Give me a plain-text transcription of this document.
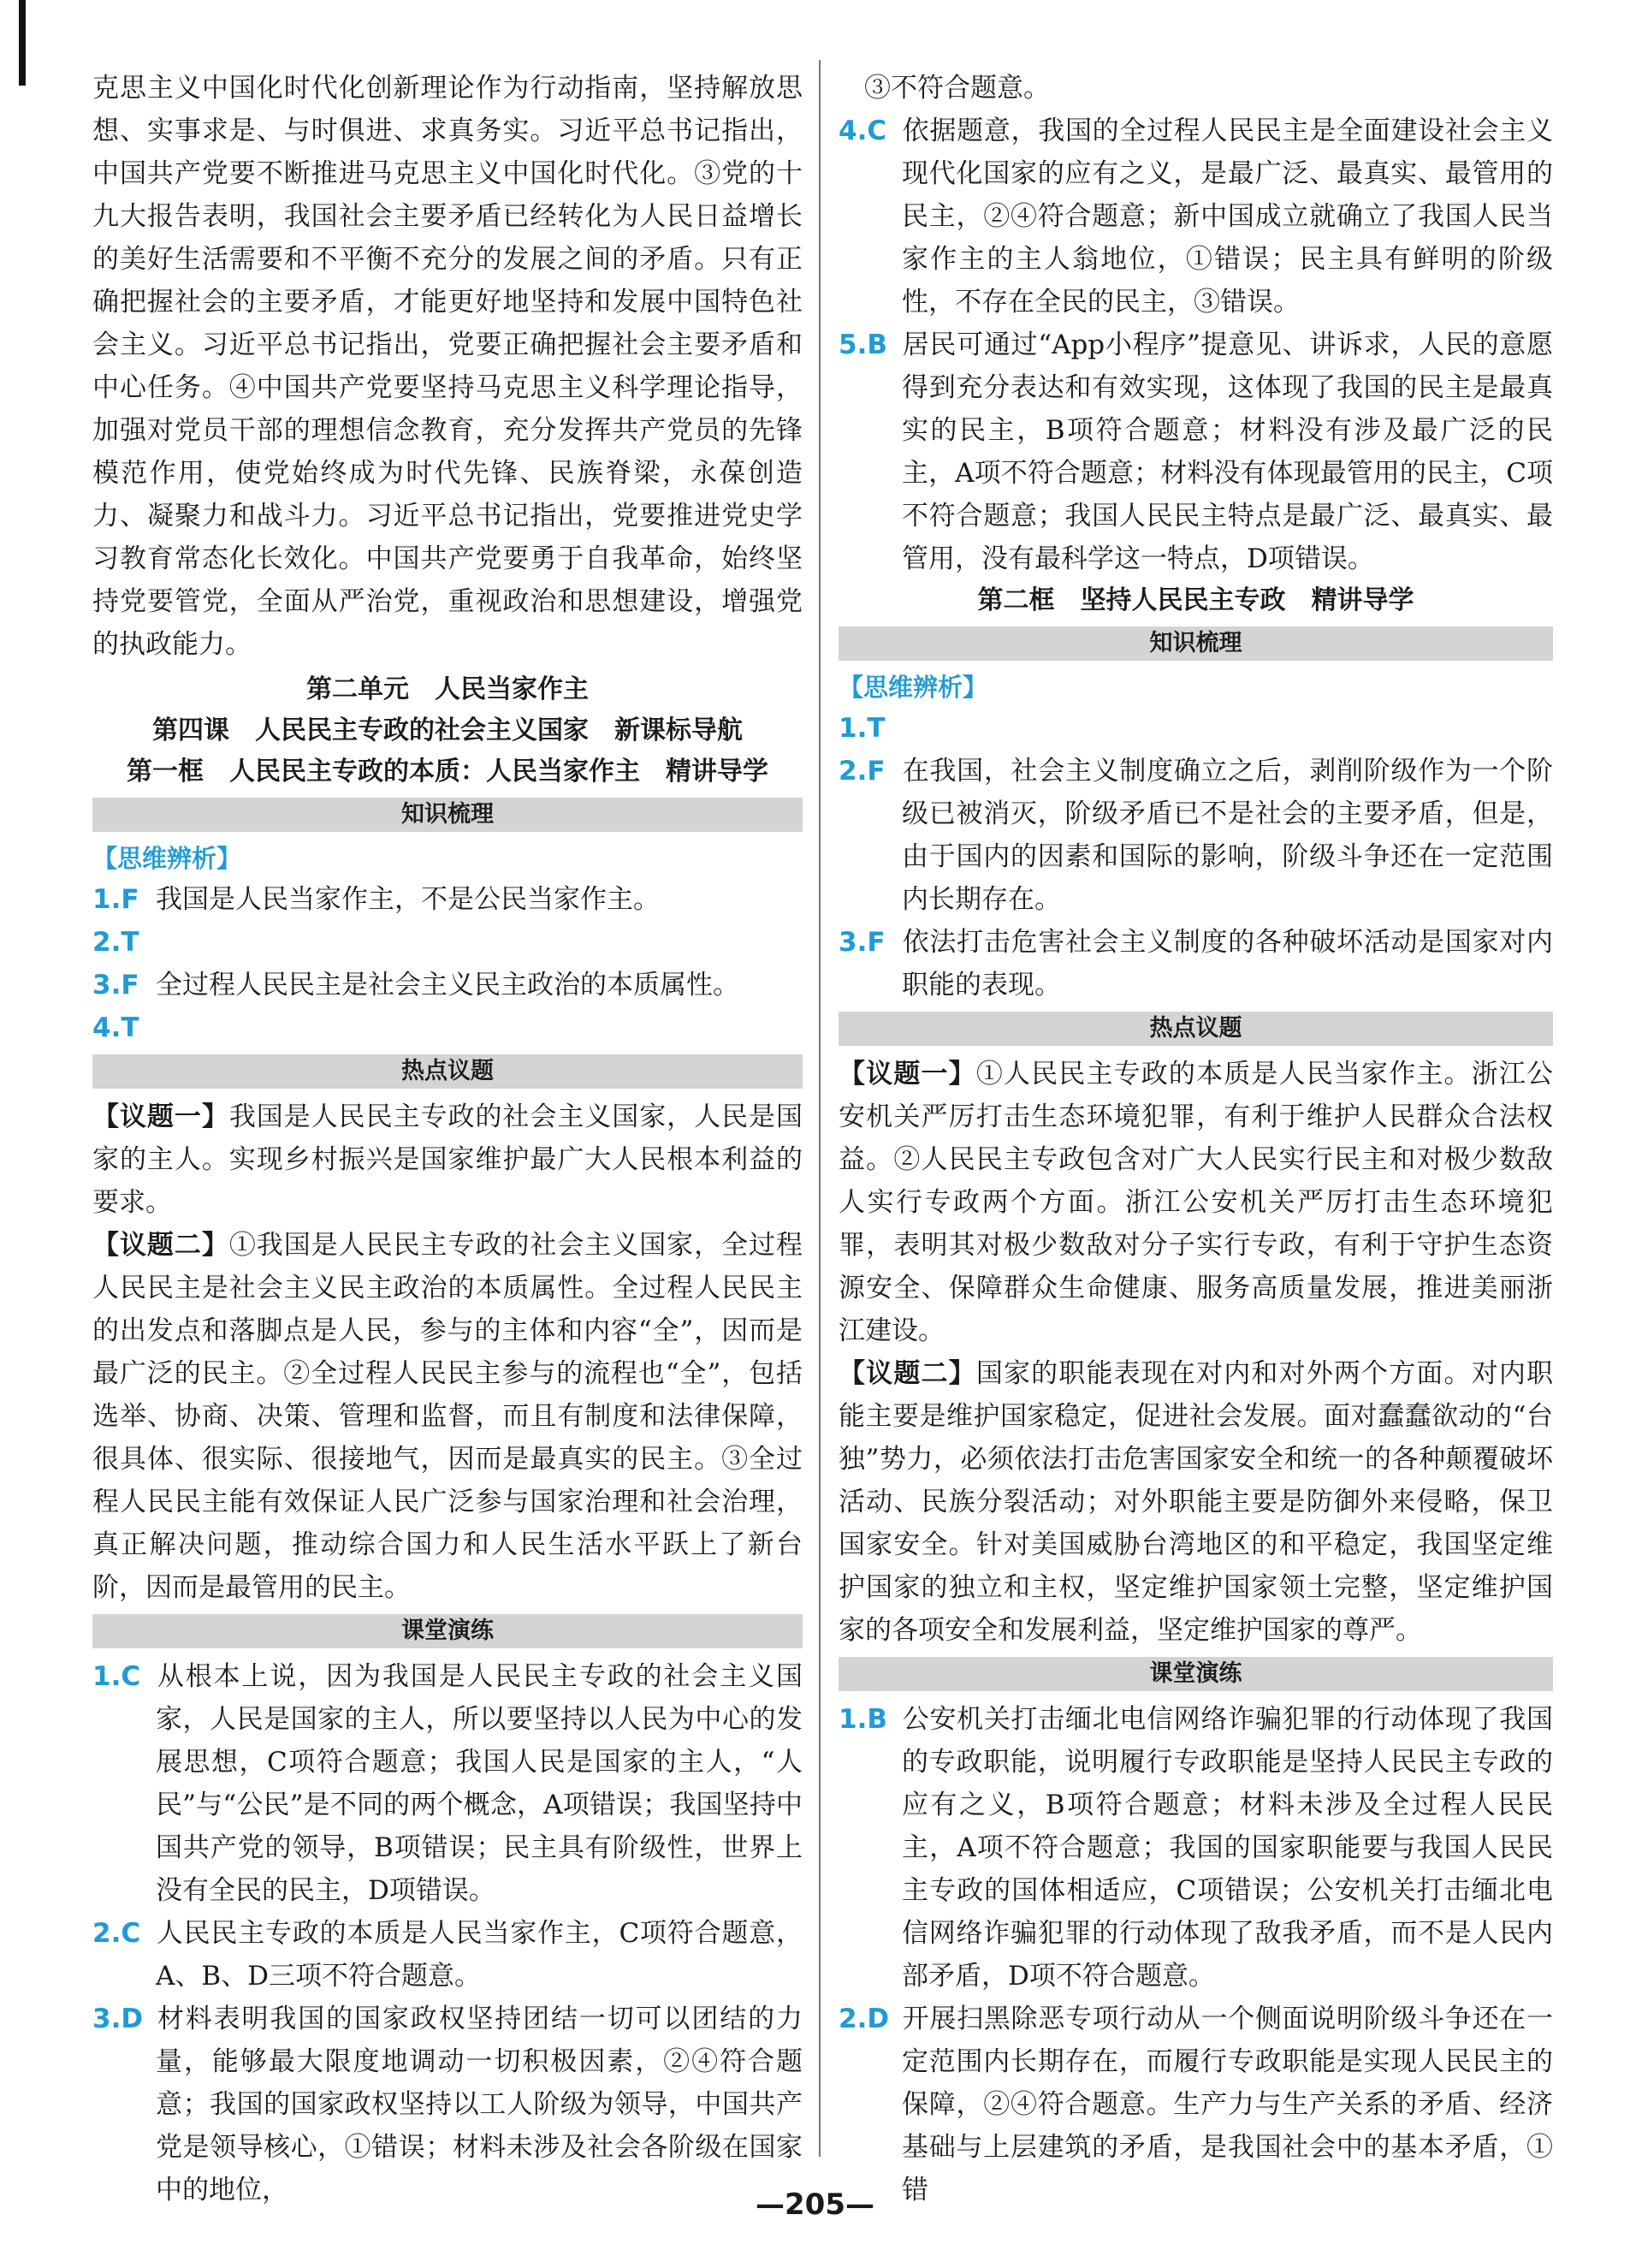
克思主义中国化时代化创新理论作为行动指南，坚持解放思想、实事求是、与时俱进、求真务实。习近平总书记指出，中国共产党要不断推进马克思主义中国化时代化。③党的十九大报告表明，我国社会主要矛盾已经转化为人民日益增长的美好生活需要和不平衡不充分的发展之间的矛盾。只有正确把握社会的主要矛盾，才能更好地坚持和发展中国特色社会主义。习近平总书记指出，党要正确把握社会主要矛盾和中心任务。④中国共产党要坚持马克思主义科学理论指导，加强对党员干部的理想信念教育，充分发挥共产党员的先锋模范作用，使党始终成为时代先锋、民族脊梁，永葆创造力、凝聚力和战斗力。习近平总书记指出，党要推进党史学习教育常态化长效化。中国共产党要勇于自我革命，始终坚持党要管党，全面从严治党，重视政治和思想建设，增强党的执政能力。

第二单元　人民当家作主
第四课　人民民主专政的社会主义国家　新课标导航
第一框　人民民主专政的本质：人民当家作主　精讲导学
知识梳理
【思维辨析】
1.F 我国是人民当家作主，不是公民当家作主。
2.T
3.F 全过程人民民主是社会主义民主政治的本质属性。
4.T
热点议题

【议题一】我国是人民民主专政的社会主义国家，人民是国家的主人。实现乡村振兴是国家维护最广大人民根本利益的要求。

【议题二】①我国是人民民主专政的社会主义国家，全过程人民民主是社会主义民主政治的本质属性。全过程人民民主的出发点和落脚点是人民，参与的主体和内容“全”，因而是最广泛的民主。②全过程人民民主参与的流程也“全”，包括选举、协商、决策、管理和监督，而且有制度和法律保障，很具体、很实际、很接地气，因而是最真实的民主。③全过程人民民主能有效保证人民广泛参与国家治理和社会治理，真正解决问题，推动综合国力和人民生活水平跃上了新台阶，因而是最管用的民主。

课堂演练
1.C 从根本上说，因为我国是人民民主专政的社会主义国家，人民是国家的主人，所以要坚持以人民为中心的发展思想，C项符合题意；我国人民是国家的主人，“人民”与“公民”是不同的两个概念，A项错误；我国坚持中国共产党的领导，B项错误；民主具有阶级性，世界上没有全民的民主，D项错误。
2.C 人民民主专政的本质是人民当家作主，C项符合题意，A、B、D三项不符合题意。
3.D 材料表明我国的国家政权坚持团结一切可以团结的力量，能够最大限度地调动一切积极因素，②④符合题意；我国的国家政权坚持以工人阶级为领导，中国共产党是领导核心，①错误；材料未涉及社会各阶级在国家中的地位，

③不符合题意。

4.C 依据题意，我国的全过程人民民主是全面建设社会主义现代化国家的应有之义，是最广泛、最真实、最管用的民主，②④符合题意；新中国成立就确立了我国人民当家作主的主人翁地位，①错误；民主具有鲜明的阶级性，不存在全民的民主，③错误。
5.B 居民可通过“App小程序”提意见、讲诉求，人民的意愿得到充分表达和有效实现，这体现了我国的民主是最真实的民主，B项符合题意；材料没有涉及最广泛的民主，A项不符合题意；材料没有体现最管用的民主，C项不符合题意；我国人民民主特点是最广泛、最真实、最管用，没有最科学这一特点，D项错误。
第二框　坚持人民民主专政　精讲导学
知识梳理
【思维辨析】
1.T
2.F 在我国，社会主义制度确立之后，剥削阶级作为一个阶级已被消灭，阶级矛盾已不是社会的主要矛盾，但是，由于国内的因素和国际的影响，阶级斗争还在一定范围内长期存在。
3.F 依法打击危害社会主义制度的各种破坏活动是国家对内职能的表现。
热点议题

【议题一】①人民民主专政的本质是人民当家作主。浙江公安机关严厉打击生态环境犯罪，有利于维护人民群众合法权益。②人民民主专政包含对广大人民实行民主和对极少数敌人实行专政两个方面。浙江公安机关严厉打击生态环境犯罪，表明其对极少数敌对分子实行专政，有利于守护生态资源安全、保障群众生命健康、服务高质量发展，推进美丽浙江建设。

【议题二】国家的职能表现在对内和对外两个方面。对内职能主要是维护国家稳定，促进社会发展。面对蠢蠢欲动的“台独”势力，必须依法打击危害国家安全和统一的各种颠覆破坏活动、民族分裂活动；对外职能主要是防御外来侵略，保卫国家安全。针对美国威胁台湾地区的和平稳定，我国坚定维护国家的独立和主权，坚定维护国家领土完整，坚定维护国家的各项安全和发展利益，坚定维护国家的尊严。

课堂演练
1.B 公安机关打击缅北电信网络诈骗犯罪的行动体现了我国的专政职能，说明履行专政职能是坚持人民民主专政的应有之义，B项符合题意；材料未涉及全过程人民民主，A项不符合题意；我国的国家职能要与我国人民民主专政的国体相适应，C项错误；公安机关打击缅北电信网络诈骗犯罪的行动体现了敌我矛盾，而不是人民内部矛盾，D项不符合题意。
2.D 开展扫黑除恶专项行动从一个侧面说明阶级斗争还在一定范围内长期存在，而履行专政职能是实现人民民主的保障，②④符合题意。生产力与生产关系的矛盾、经济基础与上层建筑的矛盾，是我国社会中的基本矛盾，①错
—205—
